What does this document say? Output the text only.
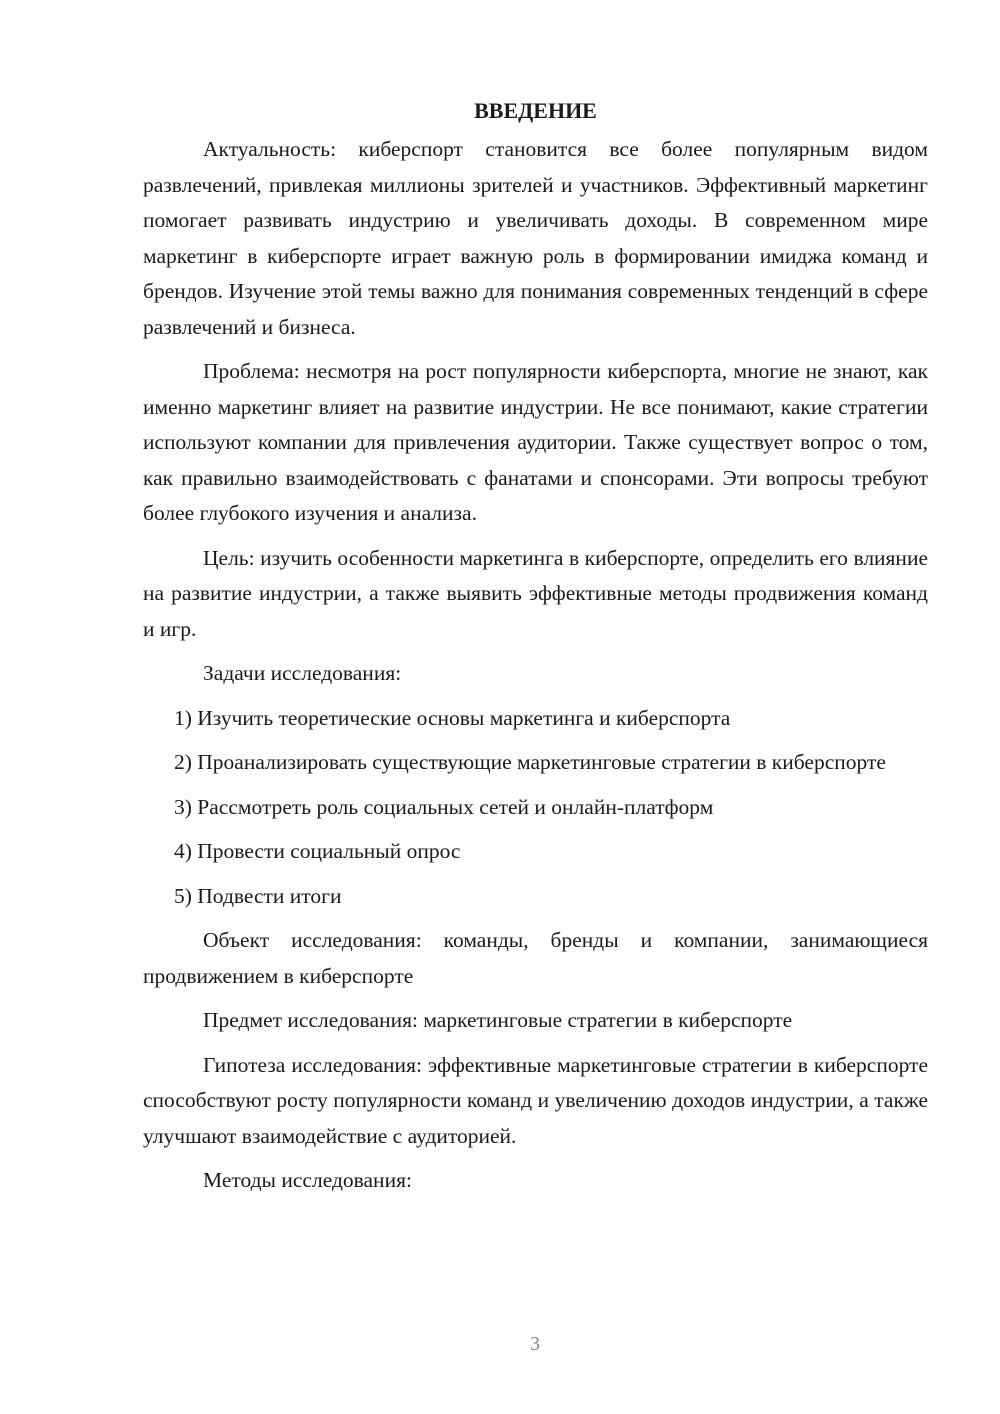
ВВЕДЕНИЕ

Актуальность: киберспорт становится все более популярным видом развлечений, привлекая миллионы зрителей и участников. Эффективный маркетинг помогает развивать индустрию и увеличивать доходы. В современном мире маркетинг в киберспорте играет важную роль в формировании имиджа команд и брендов. Изучение этой темы важно для понимания современных тенденций в сфере развлечений и бизнеса.

Проблема: несмотря на рост популярности киберспорта, многие не знают, как именно маркетинг влияет на развитие индустрии. Не все понимают, какие стратегии используют компании для привлечения аудитории. Также существует вопрос о том, как правильно взаимодействовать с фанатами и спонсорами. Эти вопросы требуют более глубокого изучения и анализа.

Цель: изучить особенности маркетинга в киберспорте, определить его влияние на развитие индустрии, а также выявить эффективные методы продвижения команд и игр.

Задачи исследования:

1) Изучить теоретические основы маркетинга и киберспорта

2) Проанализировать существующие маркетинговые стратегии в киберспорте

3) Рассмотреть роль социальных сетей и онлайн-платформ

4) Провести социальный опрос

5) Подвести итоги

Объект исследования: команды, бренды и компании, занимающиеся продвижением в киберспорте

Предмет исследования: маркетинговые стратегии в киберспорте

Гипотеза исследования: эффективные маркетинговые стратегии в киберспорте способствуют росту популярности команд и увеличению доходов индустрии, а также улучшают взаимодействие с аудиторией.

Методы исследования:

3
